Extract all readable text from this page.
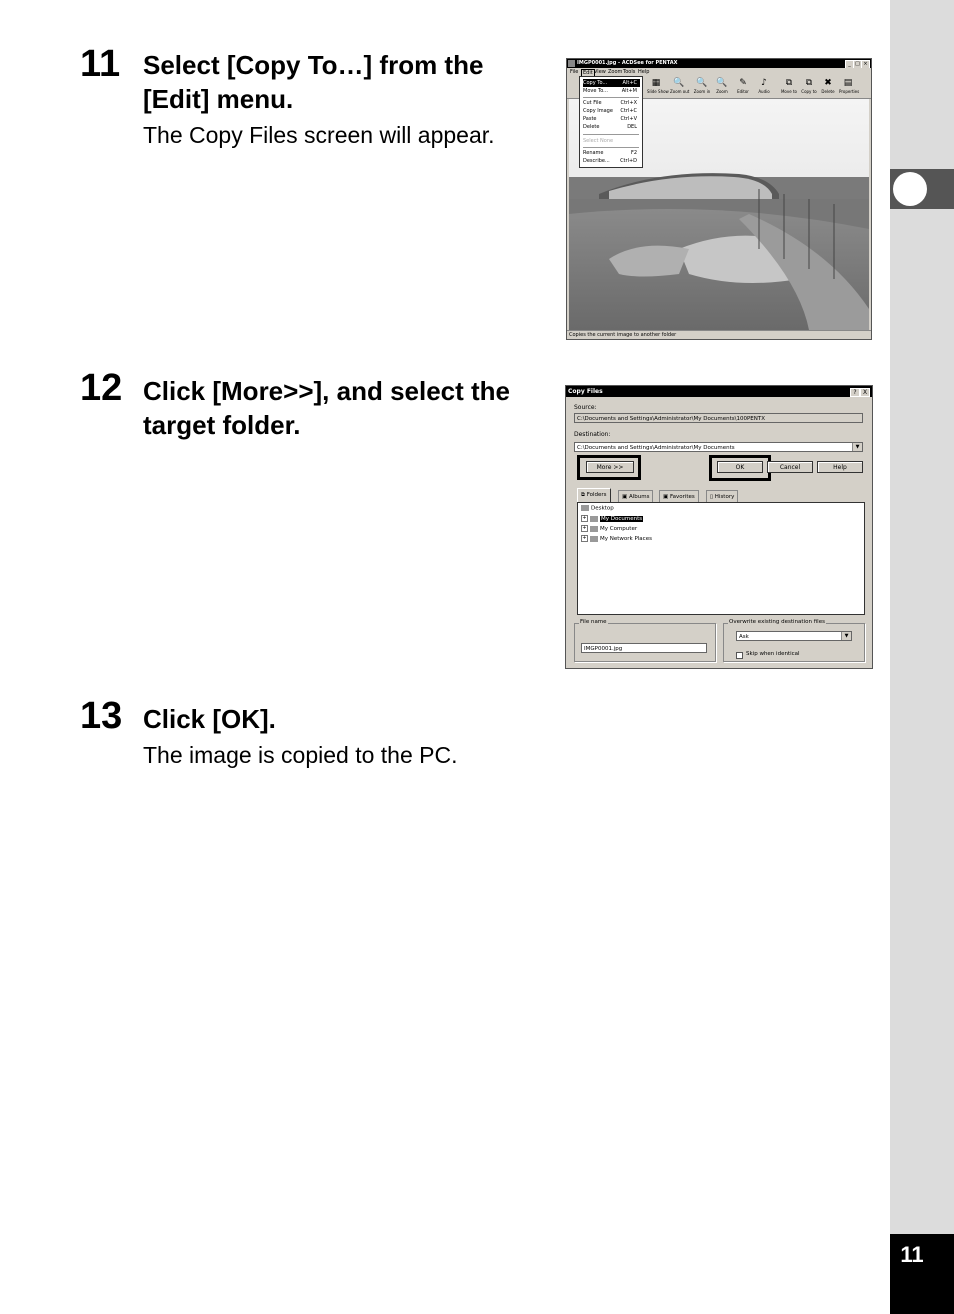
11
11 Select [Copy To…] from the [Edit] menu.
The Copy Files screen will appear.
12 Click [More>>], and select the target folder.
13 Click [OK].
The image is copied to the PC.
IMGP0001.jpg - ACDSee for PENTAX	_ □ ×
File Edit View Zoom Tools Help
▦
Slide Show
🔍
Zoom out
🔍
Zoom in
🔍
Zoom
✎
Editor
♪
Audio
⧉
Move to
⧉
Copy to
✖
Delete
▤
Properties
Copy To...	Alt+C
Move To...	Alt+M
Cut File	Ctrl+X
Copy Image Ctrl+C
Paste	Ctrl+V
Delete	DEL
Select None
Rename	F2
Describe... Ctrl+D
Copies the current image to another folder
Copy Files	?	X
Source:
C:\Documents and Settings\Administrator\My Documents\100PENTX
Destination:
C:\Documents and Settings\Administrator\My Documents	▼
More >>	OK	Cancel	Help
⧉ Folders	▣ Albums	▣ Favorites	▯ History
Desktop
+	My Documents
+ My Computer
+ My Network Places
File name
IMGP0001.jpg
Overwrite existing destination files
Ask	▼
Skip when identical
